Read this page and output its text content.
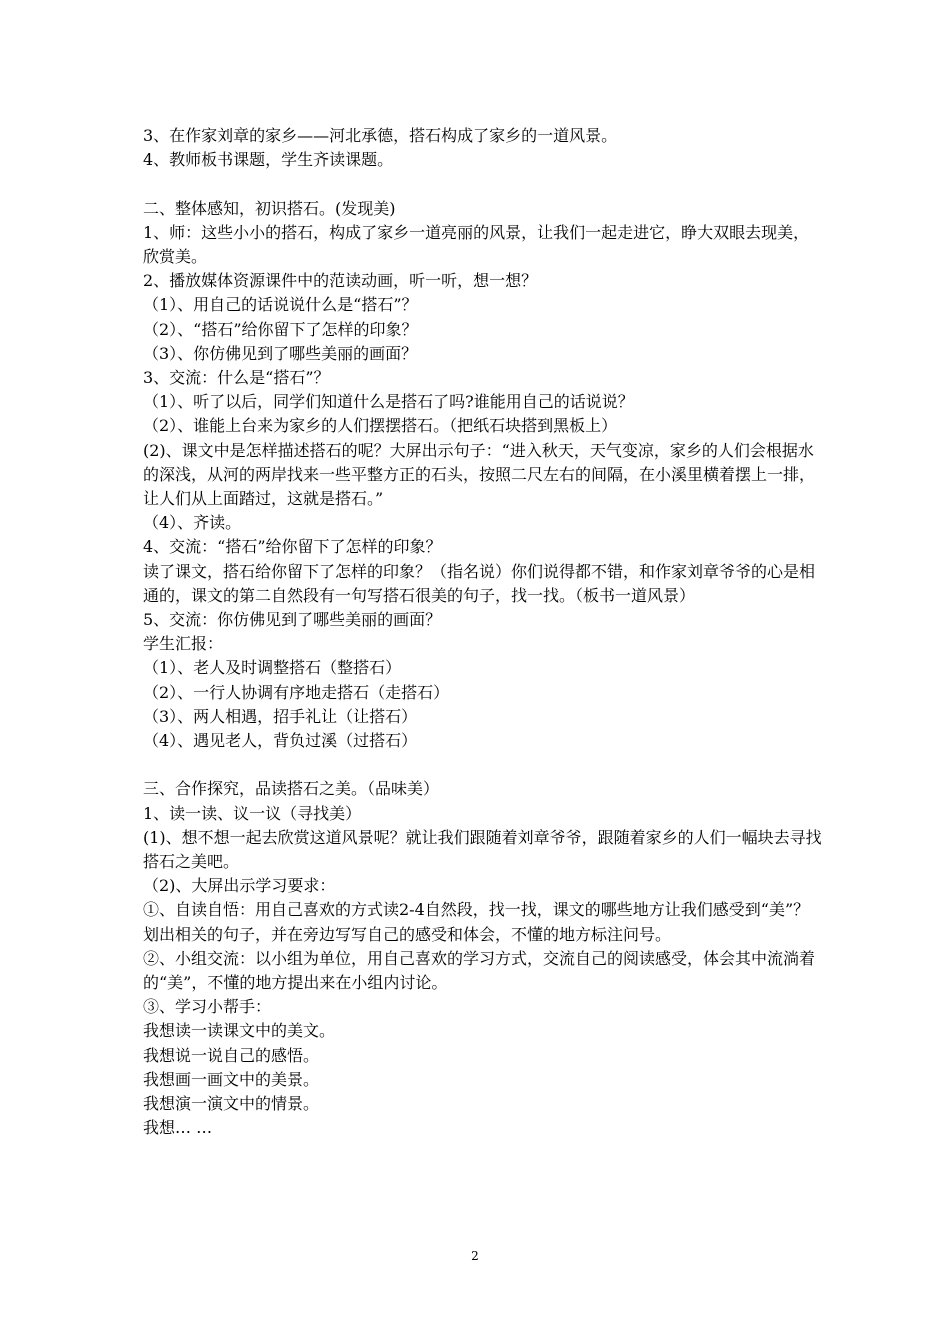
3、在作家刘章的家乡——河北承德，搭石构成了家乡的一道风景。

4、教师板书课题，学生齐读课题。

二、整体感知，初识搭石。(发现美)

1、师：这些小小的搭石，构成了家乡一道亮丽的风景，让我们一起走进它，睁大双眼去现美，欣赏美。

2、播放媒体资源课件中的范读动画，听一听，想一想？

（1）、用自己的话说说什么是“搭石”？

（2）、“搭石”给你留下了怎样的印象？

（3）、你仿佛见到了哪些美丽的画面？

3、交流：什么是“搭石”？

（1）、听了以后，同学们知道什么是搭石了吗?谁能用自己的话说说？

（2）、谁能上台来为家乡的人们摆摆搭石。（把纸石块搭到黑板上）

(2)、课文中是怎样描述搭石的呢？大屏出示句子：“进入秋天，天气变凉，家乡的人们会根据水的深浅，从河的两岸找来一些平整方正的石头，按照二尺左右的间隔，在小溪里横着摆上一排，让人们从上面踏过，这就是搭石。”

（4）、齐读。

4、交流：“搭石”给你留下了怎样的印象？

读了课文，搭石给你留下了怎样的印象？（指名说）你们说得都不错，和作家刘章爷爷的心是相通的，课文的第二自然段有一句写搭石很美的句子，找一找。（板书一道风景）

5、交流：你仿佛见到了哪些美丽的画面？

学生汇报：

（1）、老人及时调整搭石（整搭石）

（2）、一行人协调有序地走搭石（走搭石）

（3）、两人相遇，招手礼让（让搭石）

（4）、遇见老人，背负过溪（过搭石）

三、合作探究，品读搭石之美。（品味美）

1、读一读、议一议（寻找美）

(1)、想不想一起去欣赏这道风景呢？就让我们跟随着刘章爷爷，跟随着家乡的人们一幅块去寻找搭石之美吧。

（2)、大屏出示学习要求：

①、自读自悟：用自己喜欢的方式读2-4自然段，找一找，课文的哪些地方让我们感受到“美”？划出相关的句子，并在旁边写写自己的感受和体会，不懂的地方标注问号。

②、小组交流：以小组为单位，用自己喜欢的学习方式，交流自己的阅读感受，体会其中流淌着的“美”，不懂的地方提出来在小组内讨论。

③、学习小帮手：

我想读一读课文中的美文。

我想说一说自己的感悟。

我想画一画文中的美景。

我想演一演文中的情景。

我想… …

2
